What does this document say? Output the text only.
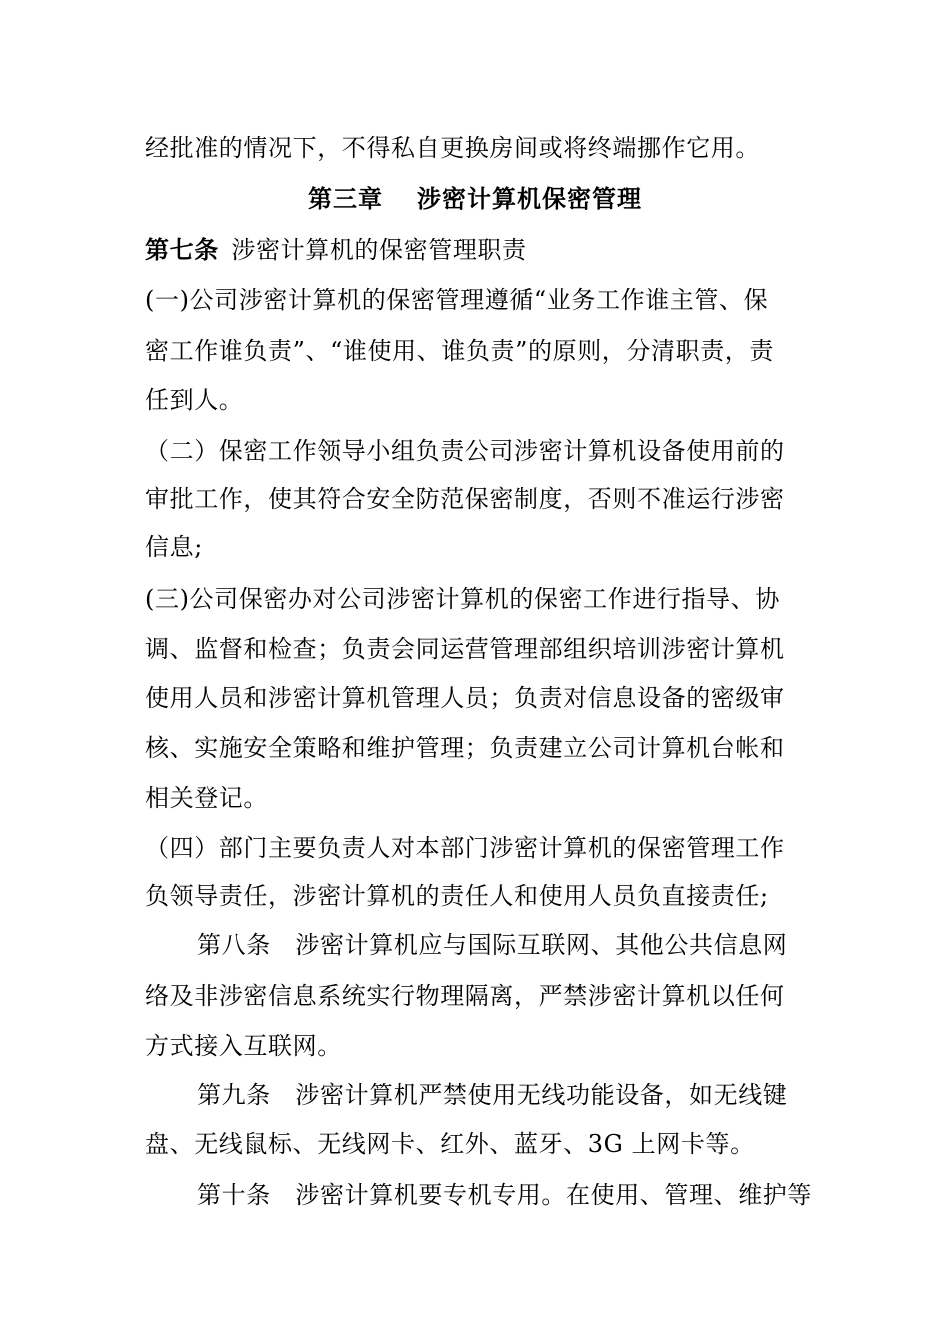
经批准的情况下，不得私自更换房间或将终端挪作它用。
第三章 涉密计算机保密管理
第七条  涉密计算机的保密管理职责
(一)公司涉密计算机的保密管理遵循“业务工作谁主管、保
密工作谁负责”、“谁使用、谁负责”的原则，分清职责，责
任到人。
（二）保密工作领导小组负责公司涉密计算机设备使用前的
审批工作，使其符合安全防范保密制度，否则不准运行涉密
信息;
(三)公司保密办对公司涉密计算机的保密工作进行指导、协
调、监督和检查；负责会同运营管理部组织培训涉密计算机
使用人员和涉密计算机管理人员；负责对信息设备的密级审
核、实施安全策略和维护管理；负责建立公司计算机台帐和
相关登记。
（四）部门主要负责人对本部门涉密计算机的保密管理工作
负领导责任，涉密计算机的责任人和使用人员负直接责任;
第八条　涉密计算机应与国际互联网、其他公共信息网
络及非涉密信息系统实行物理隔离，严禁涉密计算机以任何
方式接入互联网。
第九条　涉密计算机严禁使用无线功能设备，如无线键
盘、无线鼠标、无线网卡、红外、蓝牙、3G 上网卡等。
第十条　涉密计算机要专机专用。在使用、管理、维护等
